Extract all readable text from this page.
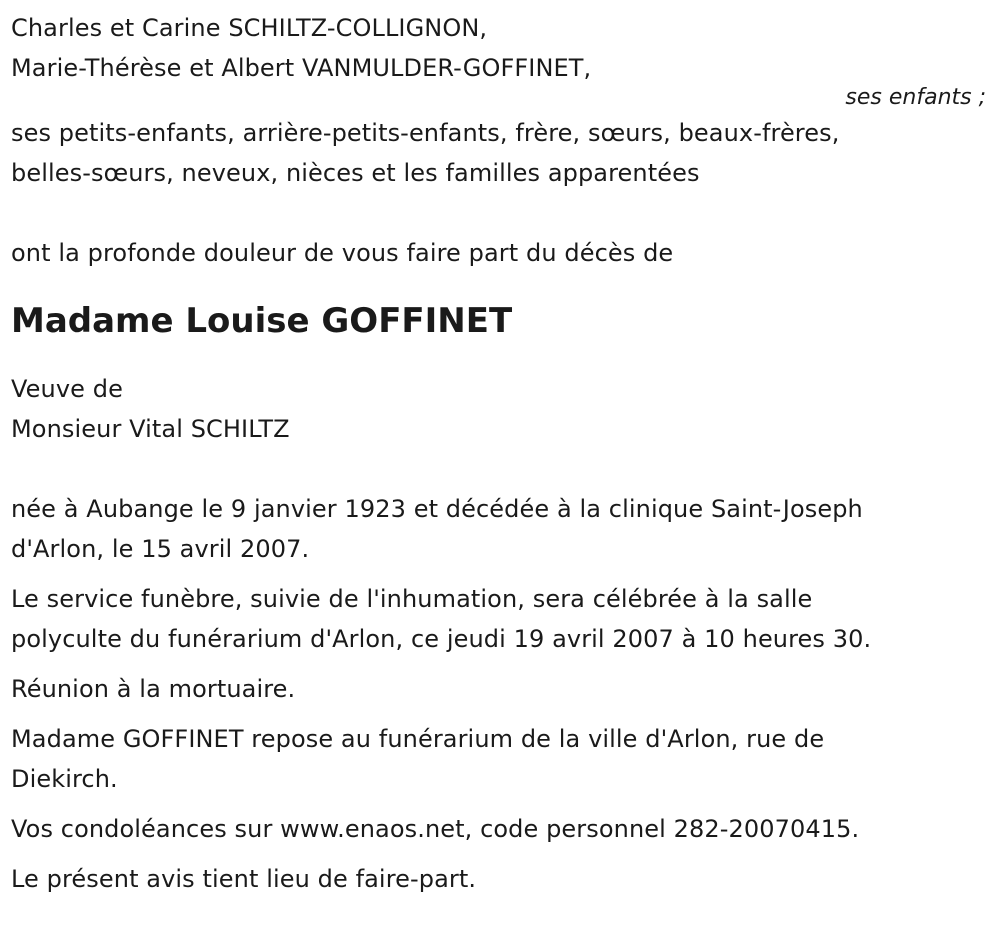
Charles et Carine SCHILTZ-COLLIGNON,
Marie-Thérèse et Albert VANMULDER-GOFFINET,
ses enfants ;
ses petits-enfants, arrière-petits-enfants, frère, sœurs, beaux-frères,
belles-sœurs, neveux, nièces et les familles apparentées
ont la profonde douleur de vous faire part du décès de
Madame Louise GOFFINET
Veuve de
Monsieur Vital SCHILTZ
née à Aubange le 9 janvier 1923 et décédée à la clinique Saint-Joseph
d'Arlon, le 15 avril 2007.
Le service funèbre, suivie de l'inhumation, sera célébrée à la salle
polyculte du funérarium d'Arlon, ce jeudi 19 avril 2007 à 10 heures 30.
Réunion à la mortuaire.
Madame GOFFINET repose au funérarium de la ville d'Arlon, rue de
Diekirch.
Vos condoléances sur www.enaos.net, code personnel 282-20070415.
Le présent avis tient lieu de faire-part.
